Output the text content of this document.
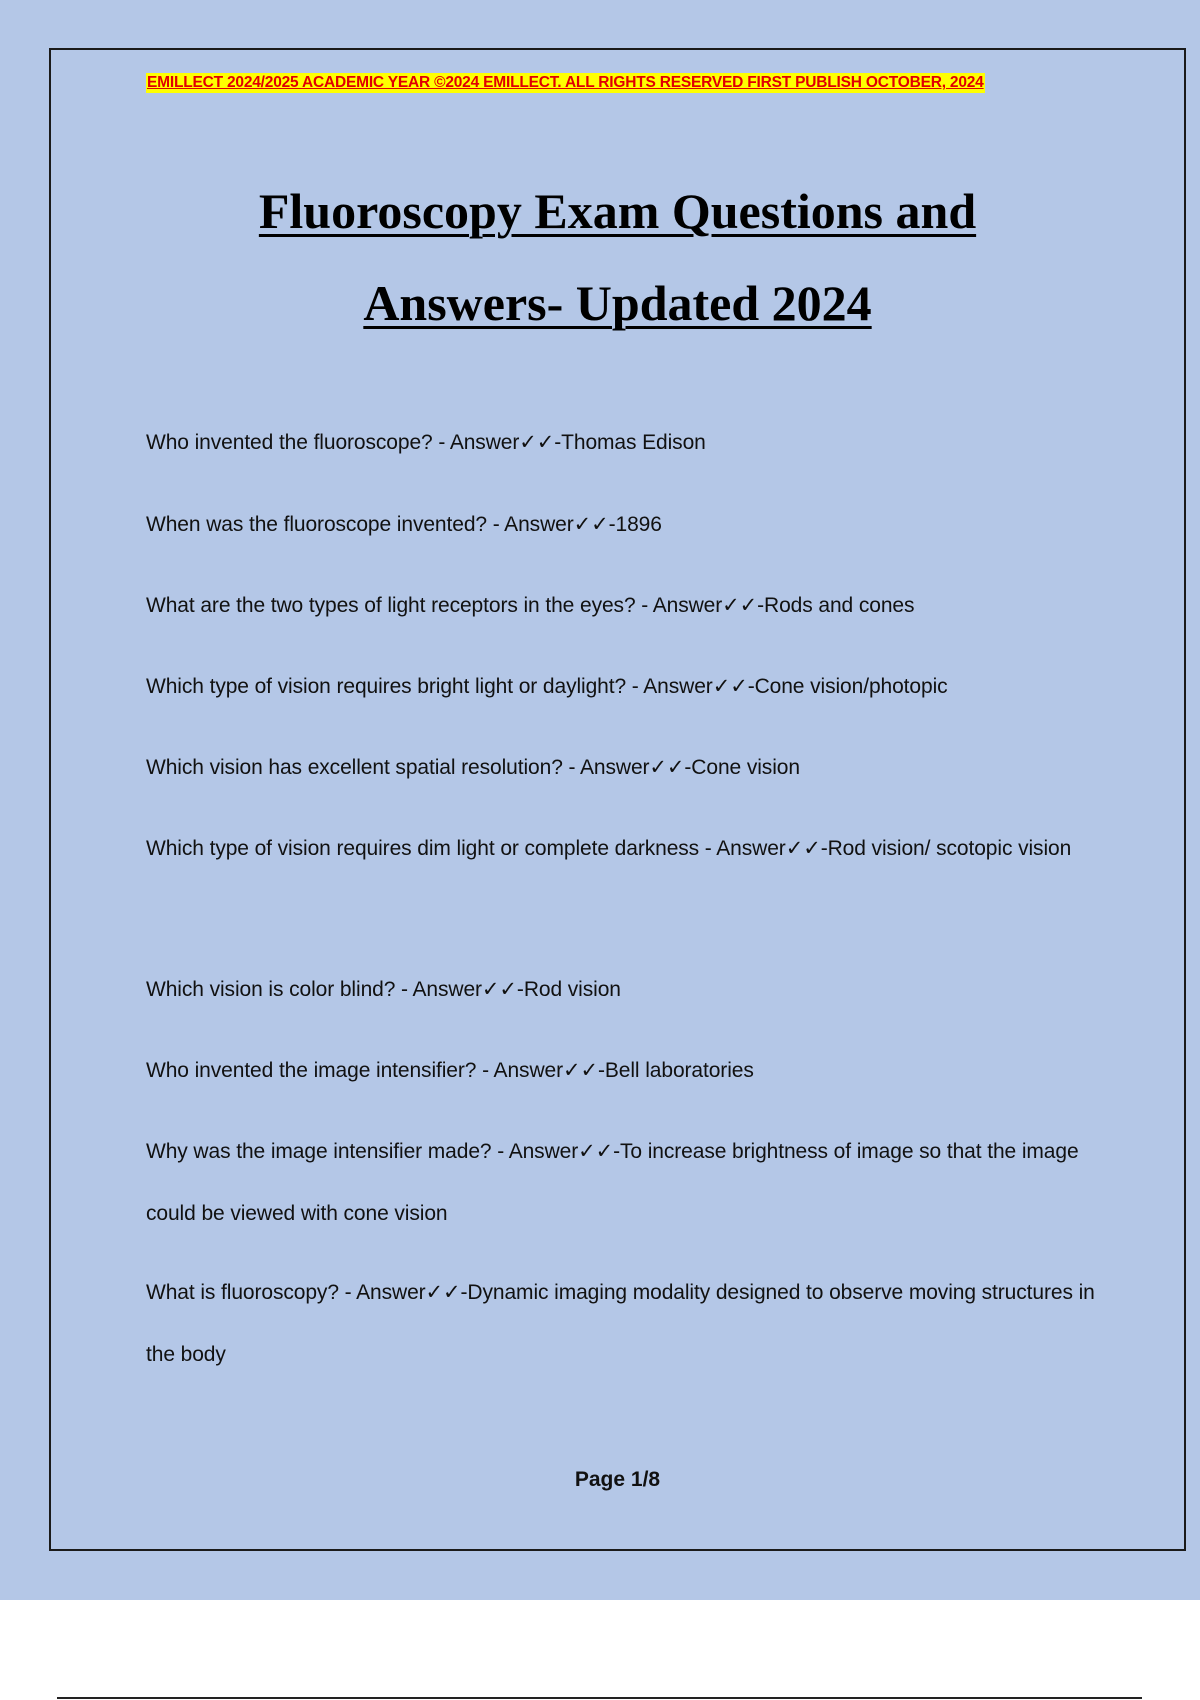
EMILLECT 2024/2025 ACADEMIC YEAR ©2024 EMILLECT. ALL RIGHTS RESERVED FIRST PUBLISH OCTOBER, 2024
Fluoroscopy Exam Questions and
Answers- Updated 2024
Who invented the fluoroscope? - Answer✓✓-Thomas Edison
When was the fluoroscope invented? - Answer✓✓-1896
What are the two types of light receptors in the eyes? - Answer✓✓-Rods and cones
Which type of vision requires bright light or daylight? - Answer✓✓-Cone vision/photopic
Which vision has excellent spatial resolution? - Answer✓✓-Cone vision
Which type of vision requires dim light or complete darkness - Answer✓✓-Rod vision/ scotopic vision
Which vision is color blind? - Answer✓✓-Rod vision
Who invented the image intensifier? - Answer✓✓-Bell laboratories
Why was the image intensifier made? - Answer✓✓-To increase brightness of image so that the image could be viewed with cone vision
What is fluoroscopy? - Answer✓✓-Dynamic imaging modality designed to observe moving structures in the body
Page 1/8
